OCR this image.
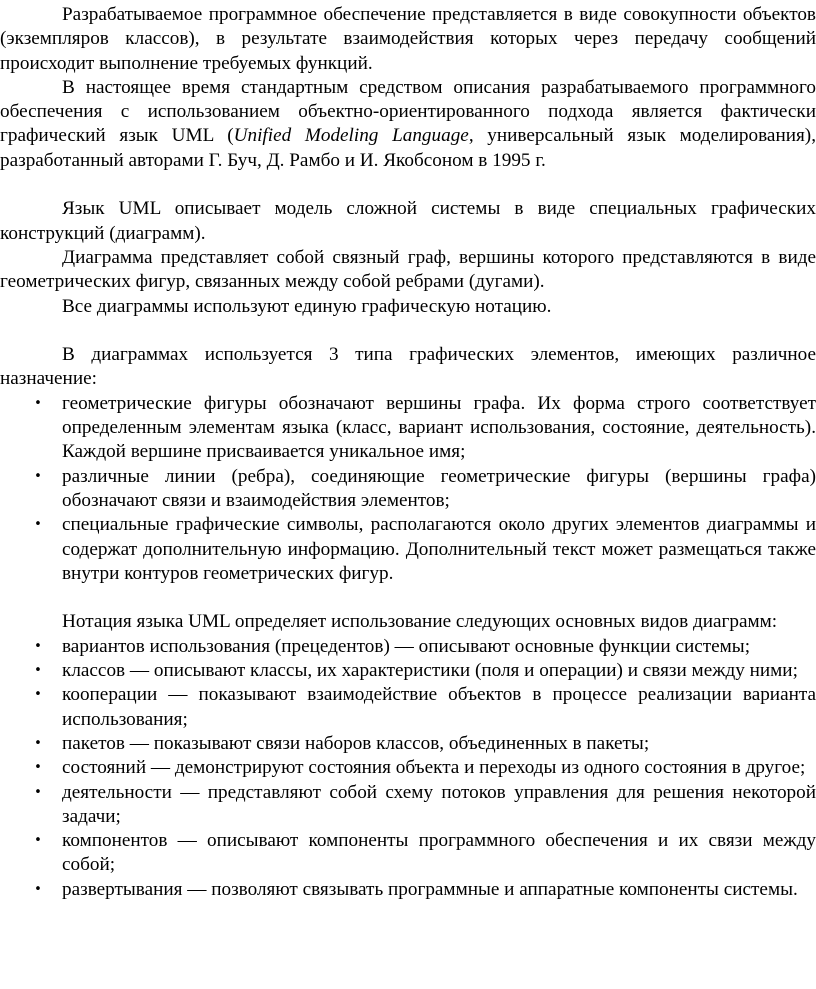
Разрабатываемое программное обеспечение представляется в виде совокупности объектов (экземпляров классов), в результате взаимодействия которых через передачу сообщений происходит выполнение требуемых функций.

В настоящее время стандартным средством описания разрабатываемого программного обеспечения с использованием объектно-ориентированного подхода является фактически графический язык UML (Unified Modeling Language, универсальный язык моделирования), разработанный авторами Г. Буч, Д. Рамбо и И. Якобсоном в 1995 г.

Язык UML описывает модель сложной системы в виде специальных графических конструкций (диаграмм).

Диаграмма представляет собой связный граф, вершины которого представляются в виде геометрических фигур, связанных между собой ребрами (дугами).

Все диаграммы используют единую графическую нотацию.

В диаграммах используется 3 типа графических элементов, имеющих различное назначение:

• геометрические фигуры обозначают вершины графа. Их форма строго соответствует определенным элементам языка (класс, вариант использования, состояние, деятельность). Каждой вершине присваивается уникальное имя;
• различные линии (ребра), соединяющие геометрические фигуры (вершины графа) обозначают связи и взаимодействия элементов;
• специальные графические символы, располагаются около других элементов диаграммы и содержат дополнительную информацию. Дополнительный текст может размещаться также внутри контуров геометрических фигур.

Нотация языка UML определяет использование следующих основных видов диаграмм:

• вариантов использования (прецедентов) — описывают основные функции системы;
• классов — описывают классы, их характеристики (поля и операции) и связи между ними;
• кооперации — показывают взаимодействие объектов в процессе реализации варианта использования;
• пакетов — показывают связи наборов классов, объединенных в пакеты;
• состояний — демонстрируют состояния объекта и переходы из одного состояния в другое;
• деятельности — представляют собой схему потоков управления для решения некоторой задачи;
• компонентов — описывают компоненты программного обеспечения и их связи между собой;
• развертывания — позволяют связывать программные и аппаратные компоненты системы.
